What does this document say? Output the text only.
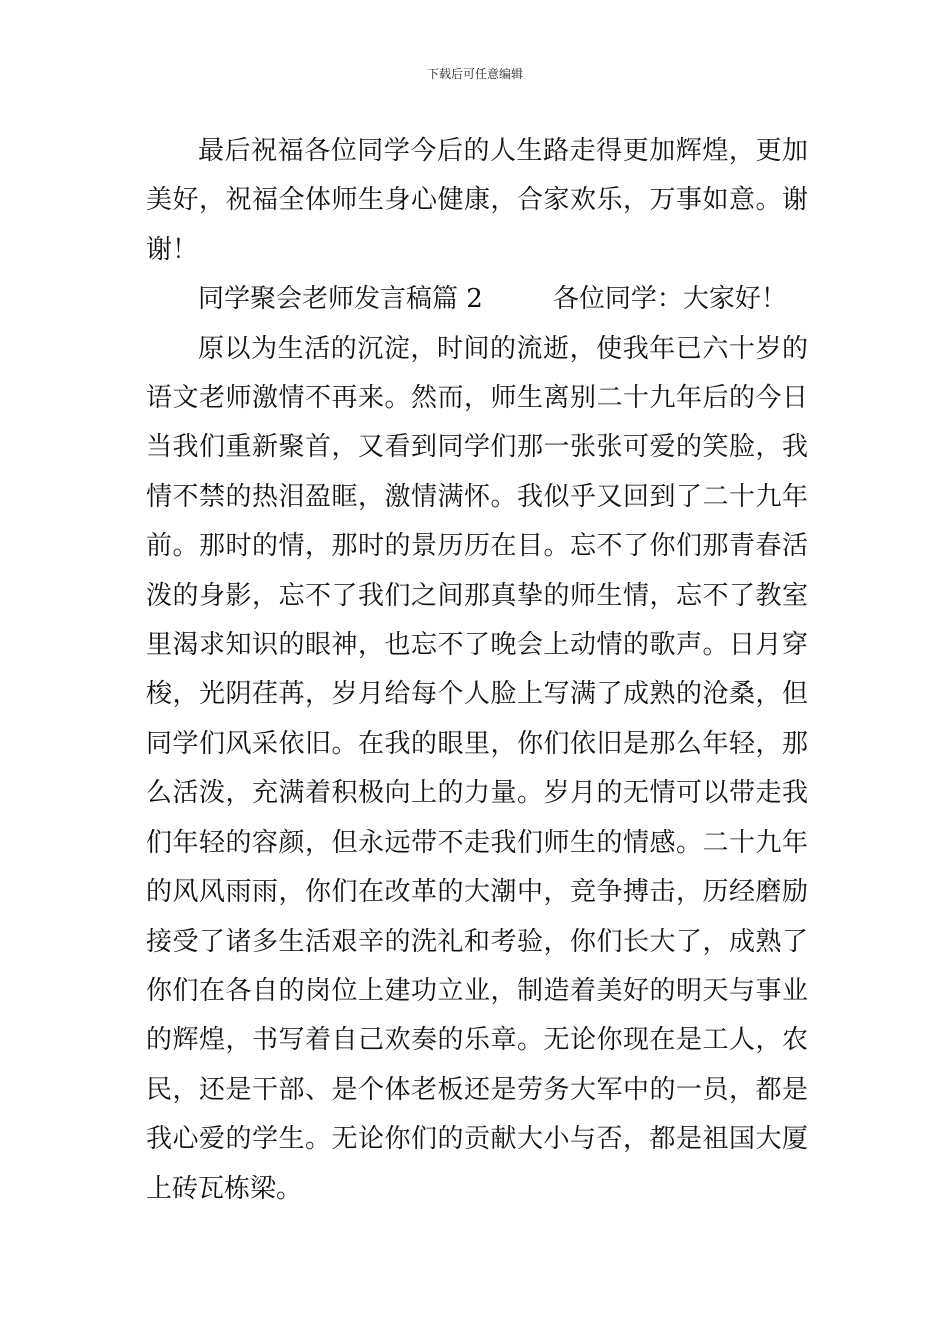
下载后可任意编辑

最后祝福各位同学今后的人生路走得更加辉煌，更加美好，祝福全体师生身心健康，合家欢乐，万事如意。谢谢！

同学聚会老师发言稿篇 2	各位同学：大家好！

原以为生活的沉淀，时间的流逝，使我年已六十岁的语文老师激情不再来。然而，师生离别二十九年后的今日当我们重新聚首，又看到同学们那一张张可爱的笑脸，我情不禁的热泪盈眶，激情满怀。我似乎又回到了二十九年前。那时的情，那时的景历历在目。忘不了你们那青春活泼的身影，忘不了我们之间那真挚的师生情，忘不了教室里渴求知识的眼神，也忘不了晚会上动情的歌声。日月穿梭，光阴荏苒，岁月给每个人脸上写满了成熟的沧桑，但同学们风采依旧。在我的眼里，你们依旧是那么年轻，那么活泼，充满着积极向上的力量。岁月的无情可以带走我们年轻的容颜，但永远带不走我们师生的情感。二十九年的风风雨雨，你们在改革的大潮中，竞争搏击，历经磨励接受了诸多生活艰辛的洗礼和考验，你们长大了，成熟了你们在各自的岗位上建功立业，制造着美好的明天与事业的辉煌，书写着自己欢奏的乐章。无论你现在是工人，农民，还是干部、是个体老板还是劳务大军中的一员，都是我心爱的学生。无论你们的贡献大小与否，都是祖国大厦上砖瓦栋梁。
